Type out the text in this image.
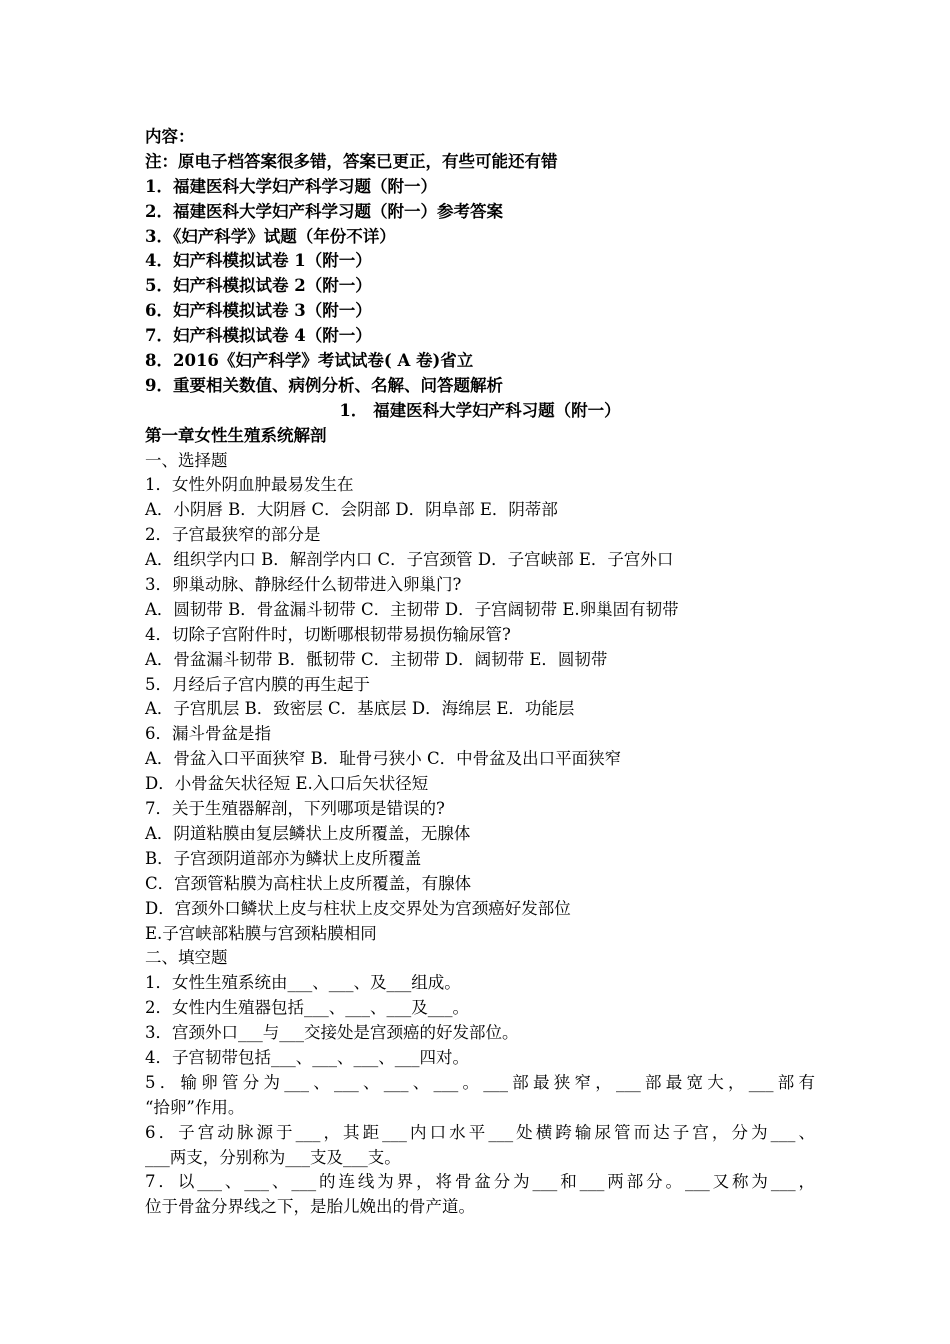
内容：
注：原电子档答案很多错，答案已更正，有些可能还有错
1．福建医科大学妇产科学习题（附一）
2．福建医科大学妇产科学习题（附一）参考答案
3．《妇产科学》试题（年份不详）
4．妇产科模拟试卷 1（附一）
5．妇产科模拟试卷 2（附一）
6．妇产科模拟试卷 3（附一）
7．妇产科模拟试卷 4（附一）
8．2016《妇产科学》考试试卷( A 卷)省立
9．重要相关数值、病例分析、名解、问答题解析
1． 福建医科大学妇产科习题（附一）
第一章女性生殖系统解剖
一、选择题
1．女性外阴血肿最易发生在
A．小阴唇 B．大阴唇 C．会阴部 D．阴阜部 E．阴蒂部
2．子宫最狭窄的部分是
A．组织学内口 B．解剖学内口 C．子宫颈管 D．子宫峡部 E．子宫外口
3．卵巢动脉、静脉经什么韧带进入卵巢门?
A．圆韧带 B．骨盆漏斗韧带 C．主韧带 D．子宫阔韧带 E.卵巢固有韧带
4．切除子宫附件时，切断哪根韧带易损伤输尿管?
A．骨盆漏斗韧带 B．骶韧带 C．主韧带 D．阔韧带 E．圆韧带
5．月经后子宫内膜的再生起于
A．子宫肌层 B．致密层 C．基底层 D．海绵层 E．功能层
6．漏斗骨盆是指
A．骨盆入口平面狭窄 B．耻骨弓狭小 C．中骨盆及出口平面狭窄
D．小骨盆矢状径短 E.入口后矢状径短
7．关于生殖器解剖，下列哪项是错误的?
A．阴道粘膜由复层鳞状上皮所覆盖，无腺体
B．子宫颈阴道部亦为鳞状上皮所覆盖
C．宫颈管粘膜为高柱状上皮所覆盖，有腺体
D．宫颈外口鳞状上皮与柱状上皮交界处为宫颈癌好发部位
E.子宫峡部粘膜与宫颈粘膜相同
二、填空题
1．女性生殖系统由___、___、及___组成。
2．女性内生殖器包括___、___、___及___。
3．宫颈外口___与___交接处是宫颈癌的好发部位。
4．子宫韧带包括___、___、___、___四对。
5．输卵管分为___、___、___、___。___部最狭窄，___部最宽大，___部有
“拾卵”作用。
6．子宫动脉源于___，其距___内口水平___处横跨输尿管而达子宫，分为___、
___两支，分别称为___支及___支。
7．以___、___、___的连线为界，将骨盆分为___和___两部分。___又称为___，
位于骨盆分界线之下，是胎儿娩出的骨产道。
